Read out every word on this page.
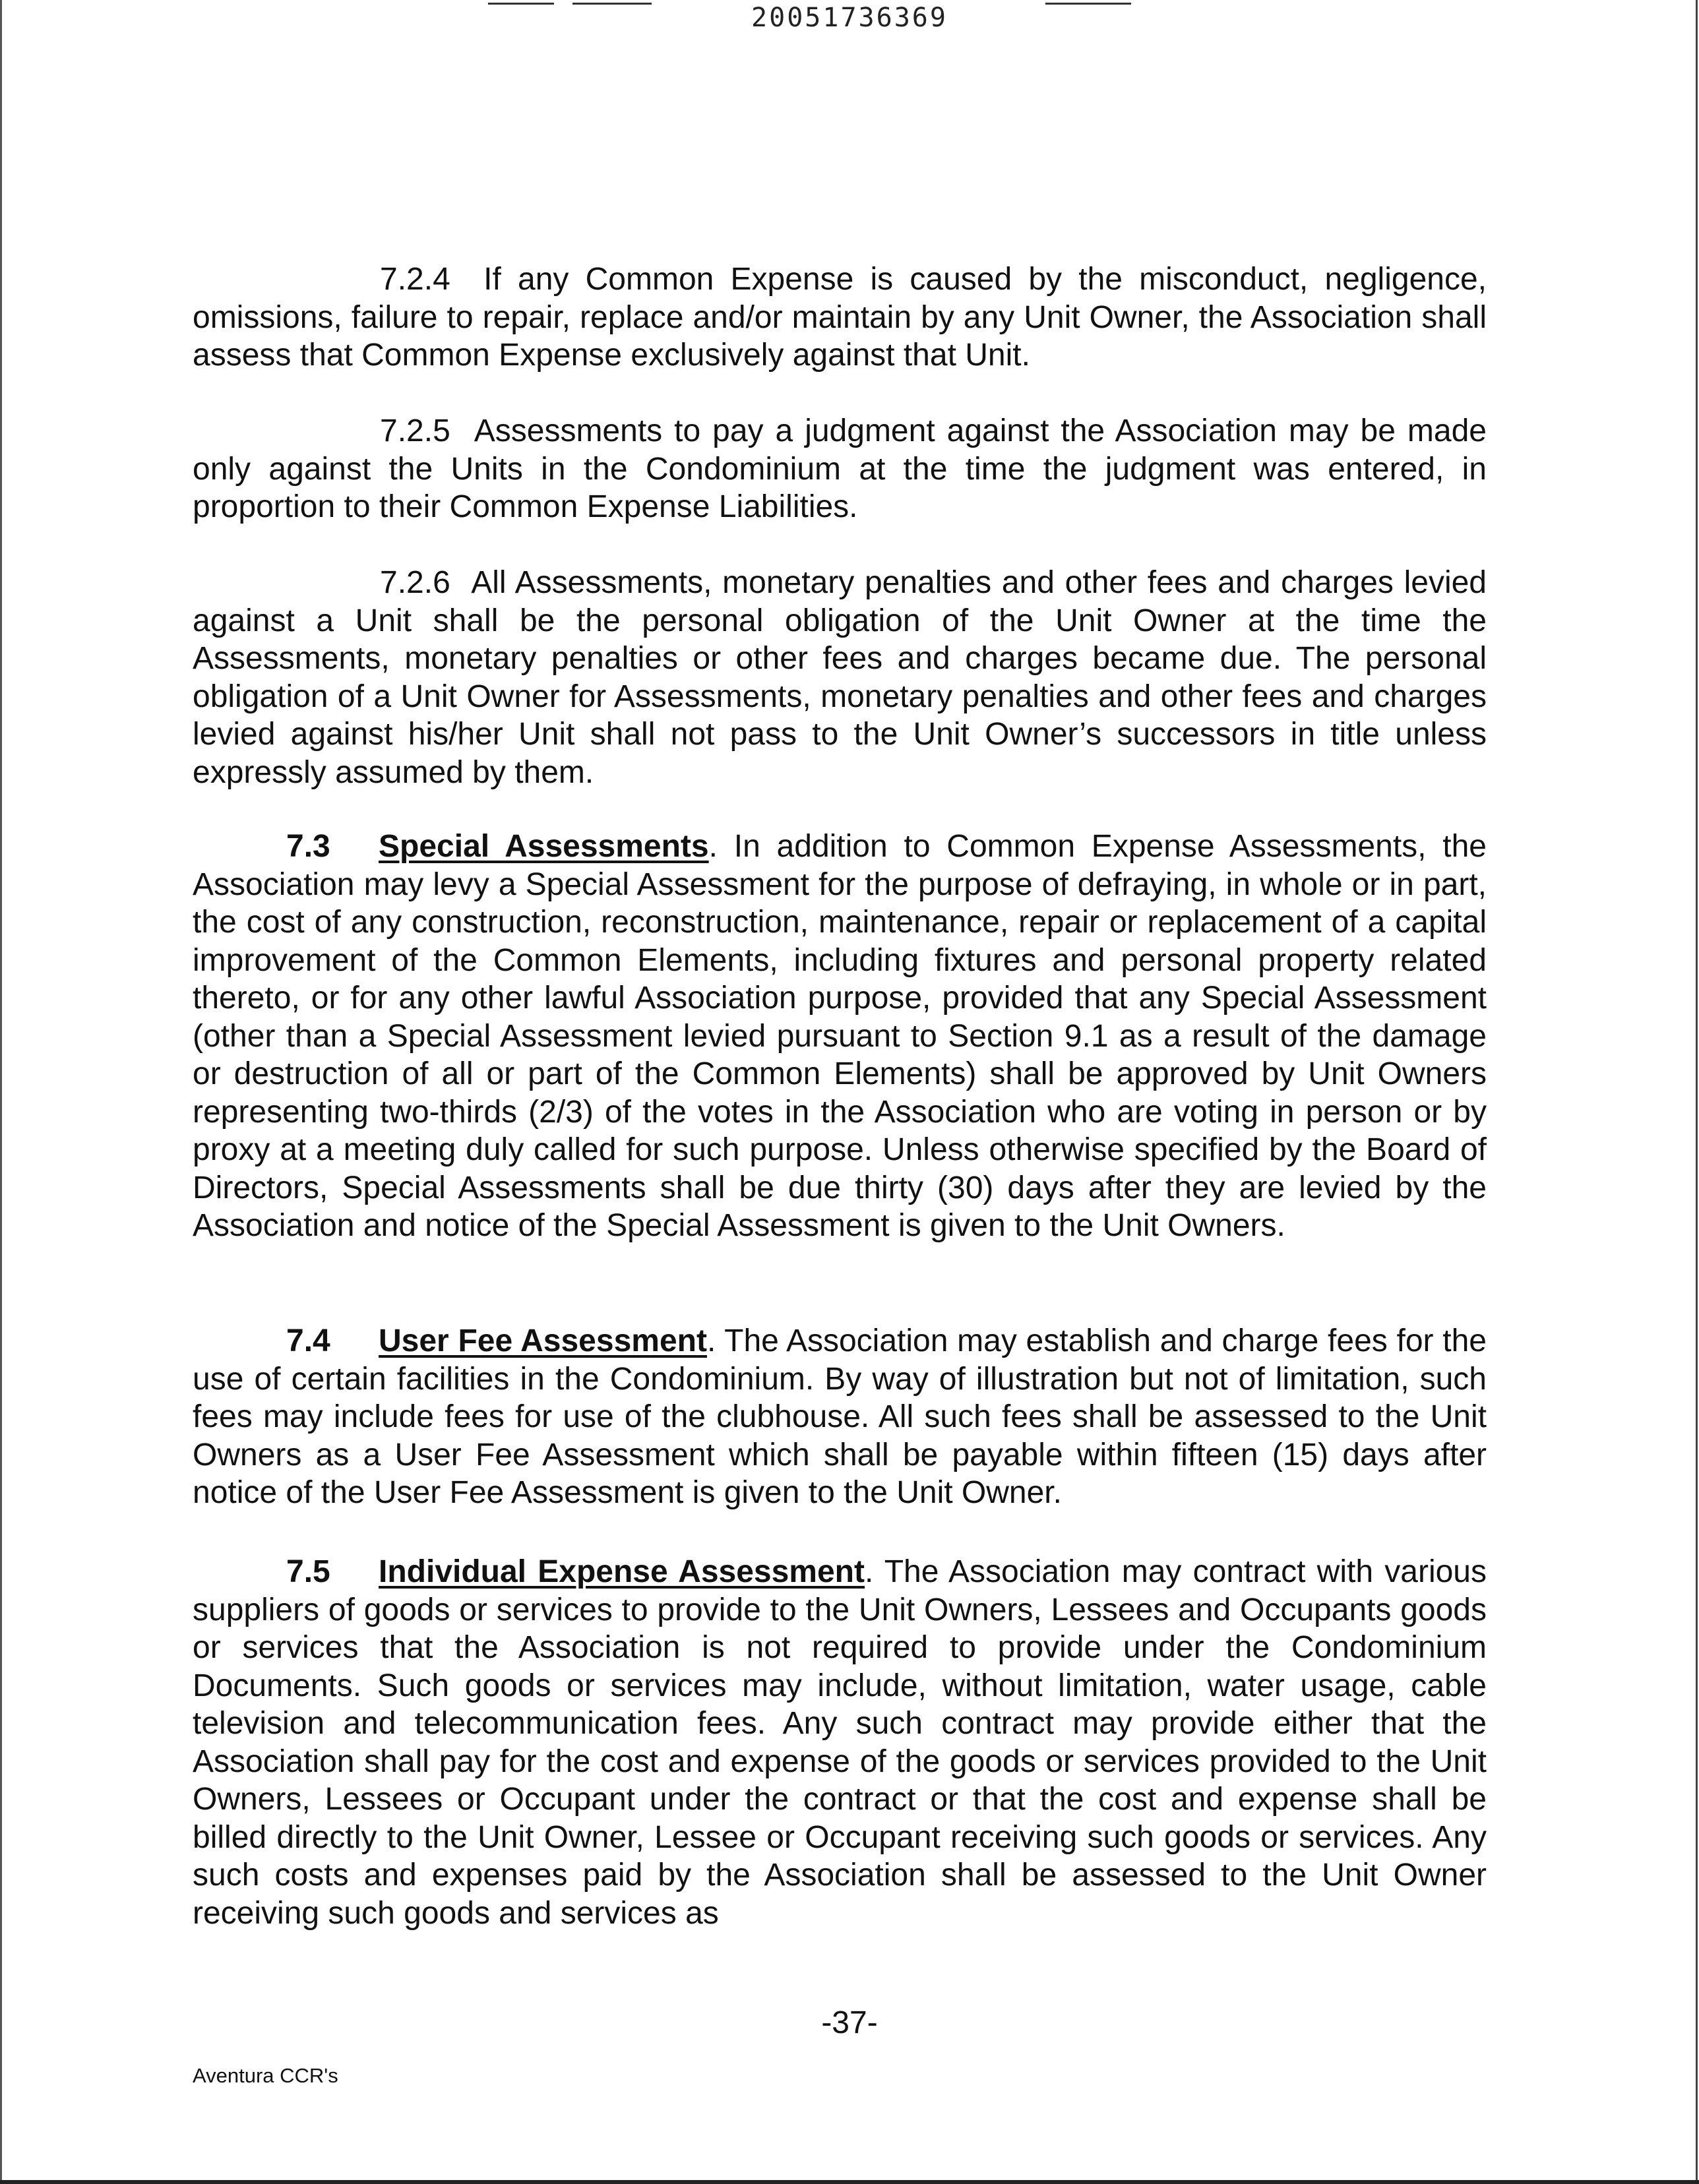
20051736369

7.2.4 If any Common Expense is caused by the misconduct, negligence, omissions, failure to repair, replace and/or maintain by any Unit Owner, the Association shall assess that Common Expense exclusively against that Unit.

7.2.5 Assessments to pay a judgment against the Association may be made only against the Units in the Condominium at the time the judgment was entered, in proportion to their Common Expense Liabilities.

7.2.6 All Assessments, monetary penalties and other fees and charges levied against a Unit shall be the personal obligation of the Unit Owner at the time the Assessments, monetary penalties or other fees and charges became due. The personal obligation of a Unit Owner for Assessments, monetary penalties and other fees and charges levied against his/her Unit shall not pass to the Unit Owner’s successors in title unless expressly assumed by them.

7.3 Special Assessments. In addition to Common Expense Assessments, the Association may levy a Special Assessment for the purpose of defraying, in whole or in part, the cost of any construction, reconstruction, maintenance, repair or replacement of a capital improvement of the Common Elements, including fixtures and personal property related thereto, or for any other lawful Association purpose, provided that any Special Assessment (other than a Special Assessment levied pursuant to Section 9.1 as a result of the damage or destruction of all or part of the Common Elements) shall be approved by Unit Owners representing two-thirds (2/3) of the votes in the Association who are voting in person or by proxy at a meeting duly called for such purpose. Unless otherwise specified by the Board of Directors, Special Assessments shall be due thirty (30) days after they are levied by the Association and notice of the Special Assessment is given to the Unit Owners.

7.4 User Fee Assessment. The Association may establish and charge fees for the use of certain facilities in the Condominium. By way of illustration but not of limitation, such fees may include fees for use of the clubhouse. All such fees shall be assessed to the Unit Owners as a User Fee Assessment which shall be payable within fifteen (15) days after notice of the User Fee Assessment is given to the Unit Owner.

7.5 Individual Expense Assessment. The Association may contract with various suppliers of goods or services to provide to the Unit Owners, Lessees and Occupants goods or services that the Association is not required to provide under the Condominium Documents. Such goods or services may include, without limitation, water usage, cable television and telecommunication fees. Any such contract may provide either that the Association shall pay for the cost and expense of the goods or services provided to the Unit Owners, Lessees or Occupant under the contract or that the cost and expense shall be billed directly to the Unit Owner, Lessee or Occupant receiving such goods or services. Any such costs and expenses paid by the Association shall be assessed to the Unit Owner receiving such goods and services as

-37-
Aventura CCR's
